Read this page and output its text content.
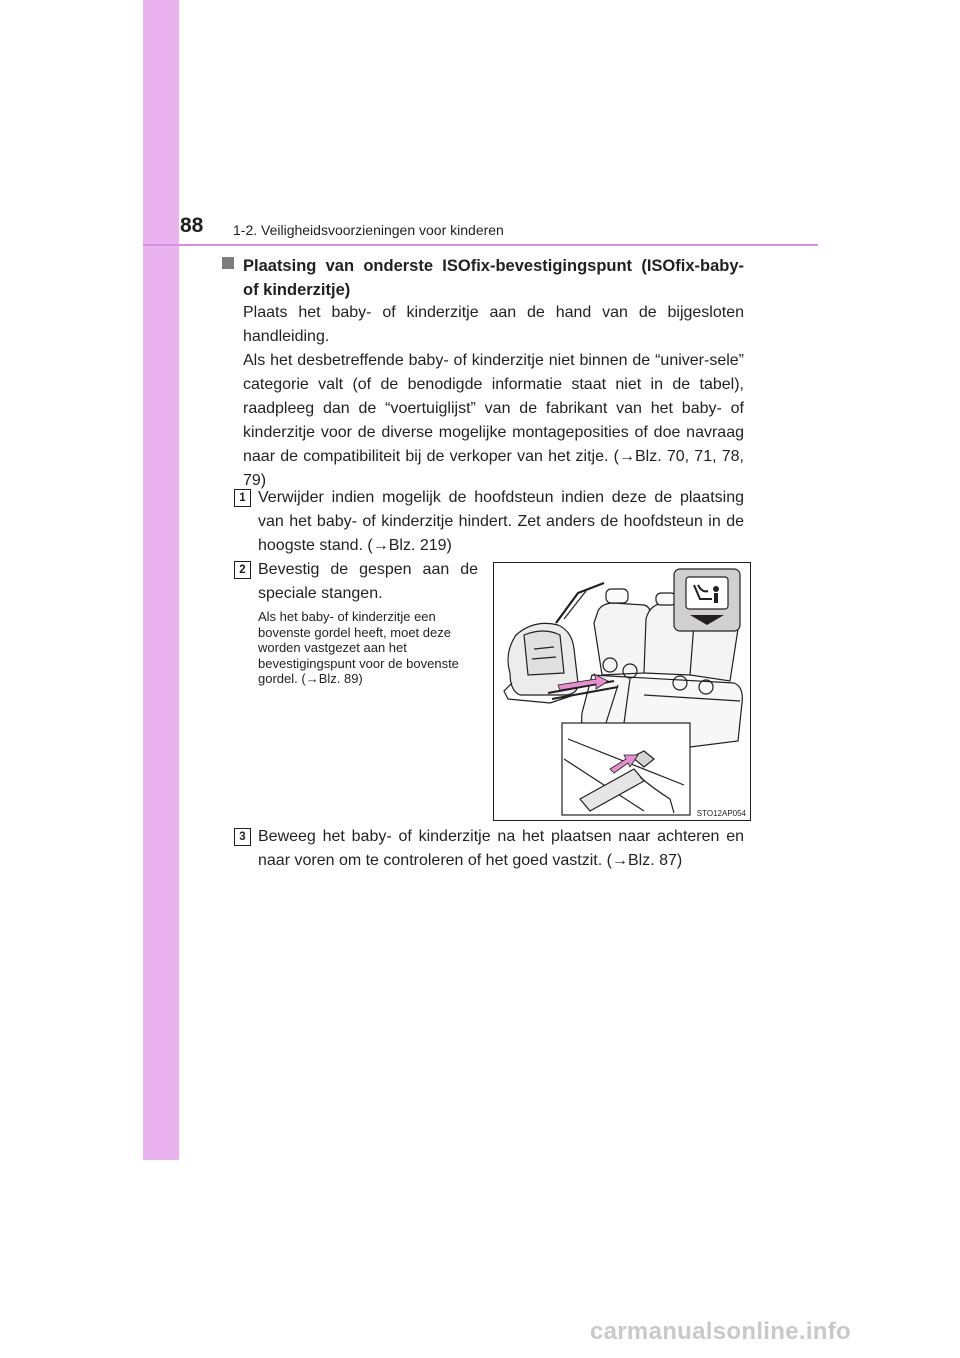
88 1-2. Veiligheidsvoorzieningen voor kinderen
Plaatsing van onderste ISOfix-bevestigingspunt (ISOfix-baby-
of kinderzitje)
Plaats het baby- of kinderzitje aan de hand van de bijgesloten handleiding.
Als het desbetreffende baby- of kinderzitje niet binnen de “univer-sele” categorie valt (of de benodigde informatie staat niet in de tabel), raadpleeg dan de “voertuiglijst” van de fabrikant van het baby- of kinderzitje voor de diverse mogelijke montageposities of doe navraag naar de compatibiliteit bij de verkoper van het zitje. (→Blz. 70, 71, 78, 79)
1 Verwijder indien mogelijk de hoofdsteun indien deze de plaatsing van het baby- of kinderzitje hindert. Zet anders de hoofdsteun in de hoogste stand. (→Blz. 219)
2 Bevestig de gespen aan de
speciale stangen.
Als het baby- of kinderzitje een bovenste gordel heeft, moet deze worden vastgezet aan het bevestigingspunt voor de bovenste gordel. (→Blz. 89)
STO12AP054
3 Beweeg het baby- of kinderzitje na het plaatsen naar achteren en naar voren om te controleren of het goed vastzit. (→Blz. 87)
carmanualsonline.info
